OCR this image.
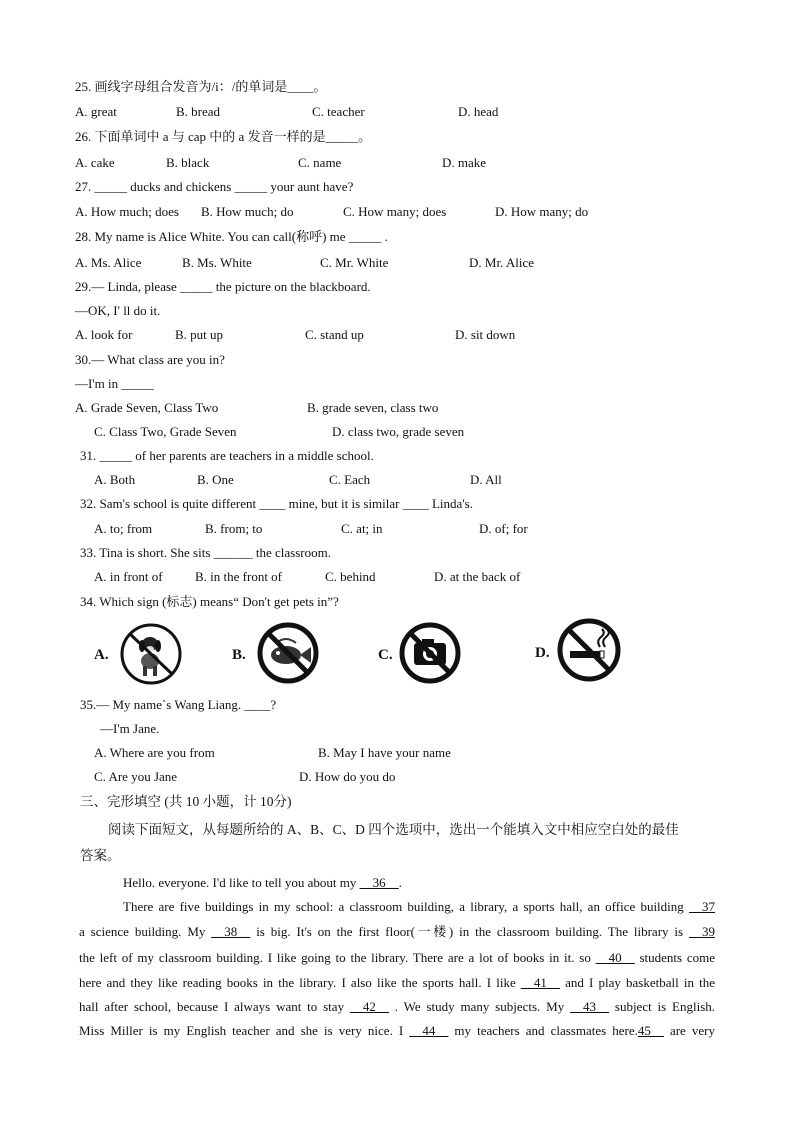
25. 画线字母组合发音为/i：/的单词是____。
A. great	B. bread	C. teacher	D. head
26. 下面单词中 a 与 cap 中的 a 发音一样的是_____。
A. cake	B. black	C. name	D. make
27. _____ ducks and chickens _____ your aunt have?
A. How much; does B. How much; do	C. How many; does	D. How many; do
28. My name is Alice White. You can call(称呼) me _____ .
A. Ms. Alice	B. Ms. White	C. Mr. White	D. Mr. Alice
29.— Linda, please _____ the picture on the blackboard.
—OK, I' ll do it.
A. look for	B. put up	C. stand up	D. sit down
30.— What class are you in?
—I'm in _____
A. Grade Seven, Class Two	B. grade seven, class two
C. Class Two, Grade Seven	D. class two, grade seven
31. _____ of her parents are teachers in a middle school.
A. Both	B. One	C. Each	D. All
32. Sam's school is quite different ____ mine, but it is similar ____ Linda's.
A. to; from	B. from; to	C. at; in	D. of; for
33. Tina is short. She sits ______ the classroom.
A. in front of B. in the front of	C. behind	D. at the back of
34. Which sign (标志) means“ Don't get pets in”?
A.	B.	C.	D.
35.— My name`s Wang Liang. ____?
—I'm Jane.
A. Where are you from	B. May I have your name
C. Are you Jane	D. How do you do
三、完形填空 (共 10 小题，计 10分)
阅读下面短文，从每题所给的 A、B、C、D 四个选项中，选出一个能填入文中相应空白处的最佳
答案。
Hello. everyone. I'd like to tell you about my __36__.
There are five buildings in my school: a classroom building, a library, a sports hall, an office building __37
a science building. My __38__ is big. It's on the first floor(一楼) in the classroom building. The library is __39
the left of my classroom building. I like going to the library. There are a lot of books in it. so __40__ students come
here and they like reading books in the library. I also like the sports hall. I like __41__ and I play basketball in the
hall after school, because I always want to stay __42__ . We study many subjects. My __43__ subject is English.
Miss Miller is my English teacher and she is very nice. I __44__ my teachers and classmates here.45__ are very
